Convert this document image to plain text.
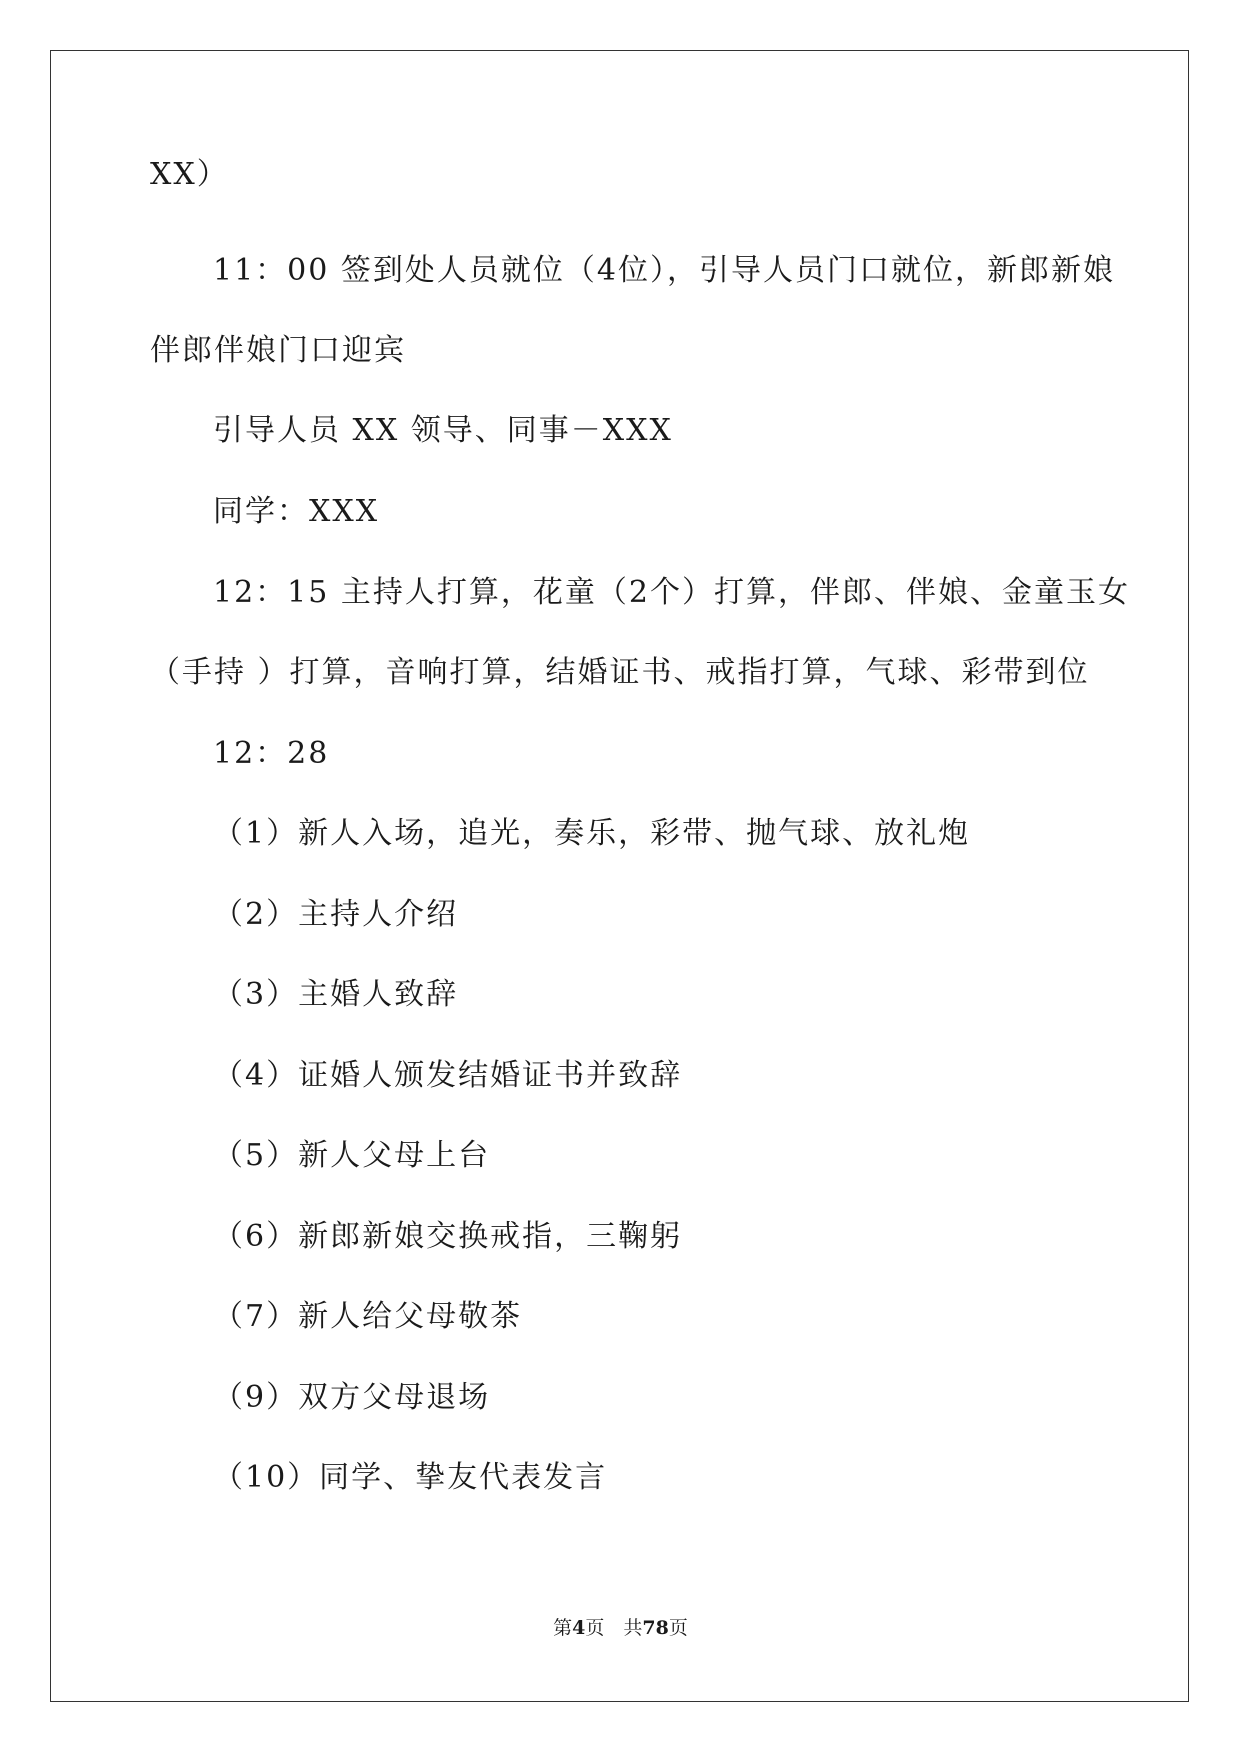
XX）
11：00 签到处人员就位（4位），引导人员门口就位，新郎新娘
伴郎伴娘门口迎宾
引导人员 XX 领导、同事－XXX
同学：XXX
12：15 主持人打算，花童（2个）打算，伴郎、伴娘、金童玉女
（手持 ）打算，音响打算，结婚证书、戒指打算，气球、彩带到位
12：28
（1）新人入场，追光，奏乐，彩带、抛气球、放礼炮
（2）主持人介绍
（3）主婚人致辞
（4）证婚人颁发结婚证书并致辞
（5）新人父母上台
（6）新郎新娘交换戒指，三鞠躬
（7）新人给父母敬茶
（9）双方父母退场
（10）同学、挚友代表发言
第4页　共78页
